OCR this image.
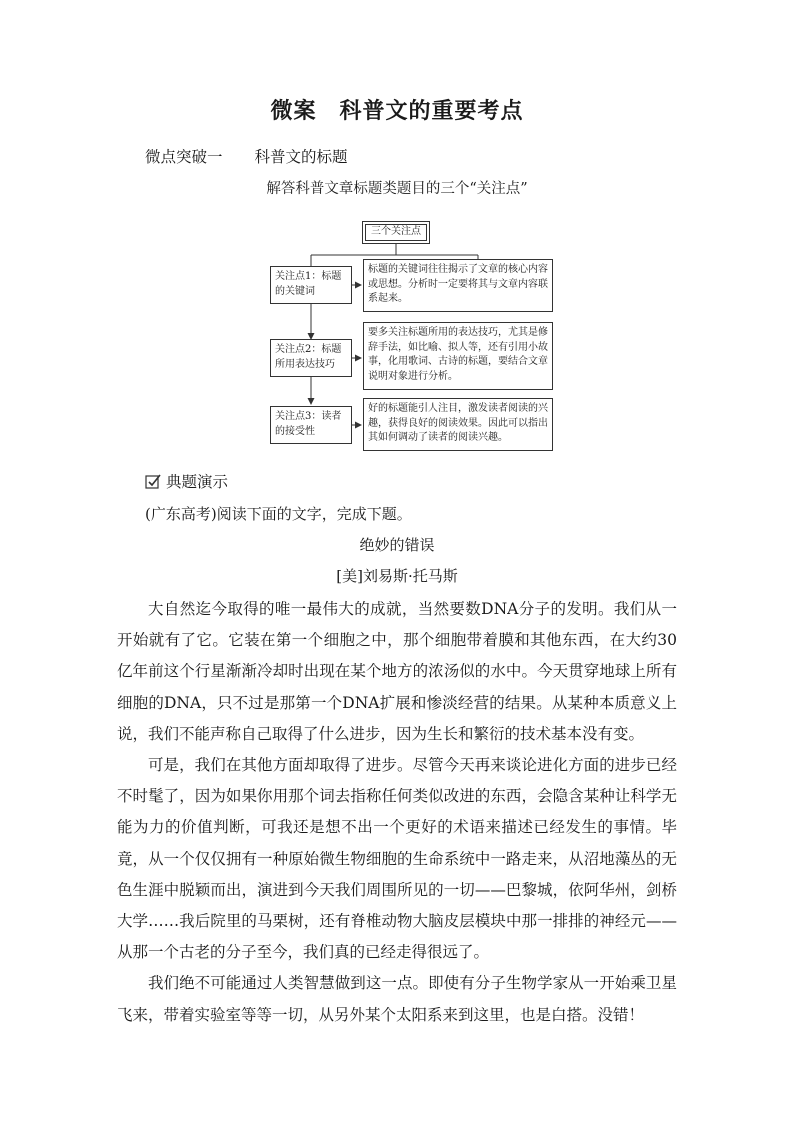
微案　科普文的重要考点
微点突破一 科普文的标题
解答科普文章标题类题目的三个“关注点”
三个关注点
关注点1：标题的关键词
标题的关键词往往揭示了文章的核心内容或思想。分析时一定要将其与文章内容联系起来。
关注点2：标题所用表达技巧
要多关注标题所用的表达技巧，尤其是修辞手法，如比喻、拟人等，还有引用小故事，化用歌词、古诗的标题，要结合文章说明对象进行分析。
关注点3：读者的接受性
好的标题能引人注目，激发读者阅读的兴趣，获得良好的阅读效果。因此可以指出其如何调动了读者的阅读兴趣。
典题演示
(广东高考)阅读下面的文字，完成下题。
绝妙的错误
[美]刘易斯·托马斯

大自然迄今取得的唯一最伟大的成就，当然要数DNA分子的发明。我们从一开始就有了它。它装在第一个细胞之中，那个细胞带着膜和其他东西，在大约30亿年前这个行星渐渐冷却时出现在某个地方的浓汤似的水中。今天贯穿地球上所有细胞的DNA，只不过是那第一个DNA扩展和惨淡经营的结果。从某种本质意义上说，我们不能声称自己取得了什么进步，因为生长和繁衍的技术基本没有变。

可是，我们在其他方面却取得了进步。尽管今天再来谈论进化方面的进步已经不时髦了，因为如果你用那个词去指称任何类似改进的东西，会隐含某种让科学无能为力的价值判断，可我还是想不出一个更好的术语来描述已经发生的事情。毕竟，从一个仅仅拥有一种原始微生物细胞的生命系统中一路走来，从沼地藻丛的无色生涯中脱颖而出，演进到今天我们周围所见的一切——巴黎城，依阿华州，剑桥大学……我后院里的马栗树，还有脊椎动物大脑皮层模块中那一排排的神经元——从那一个古老的分子至今，我们真的已经走得很远了。

我们绝不可能通过人类智慧做到这一点。即使有分子生物学家从一开始乘卫星飞来，带着实验室等等一切，从另外某个太阳系来到这里，也是白搭。没错！
